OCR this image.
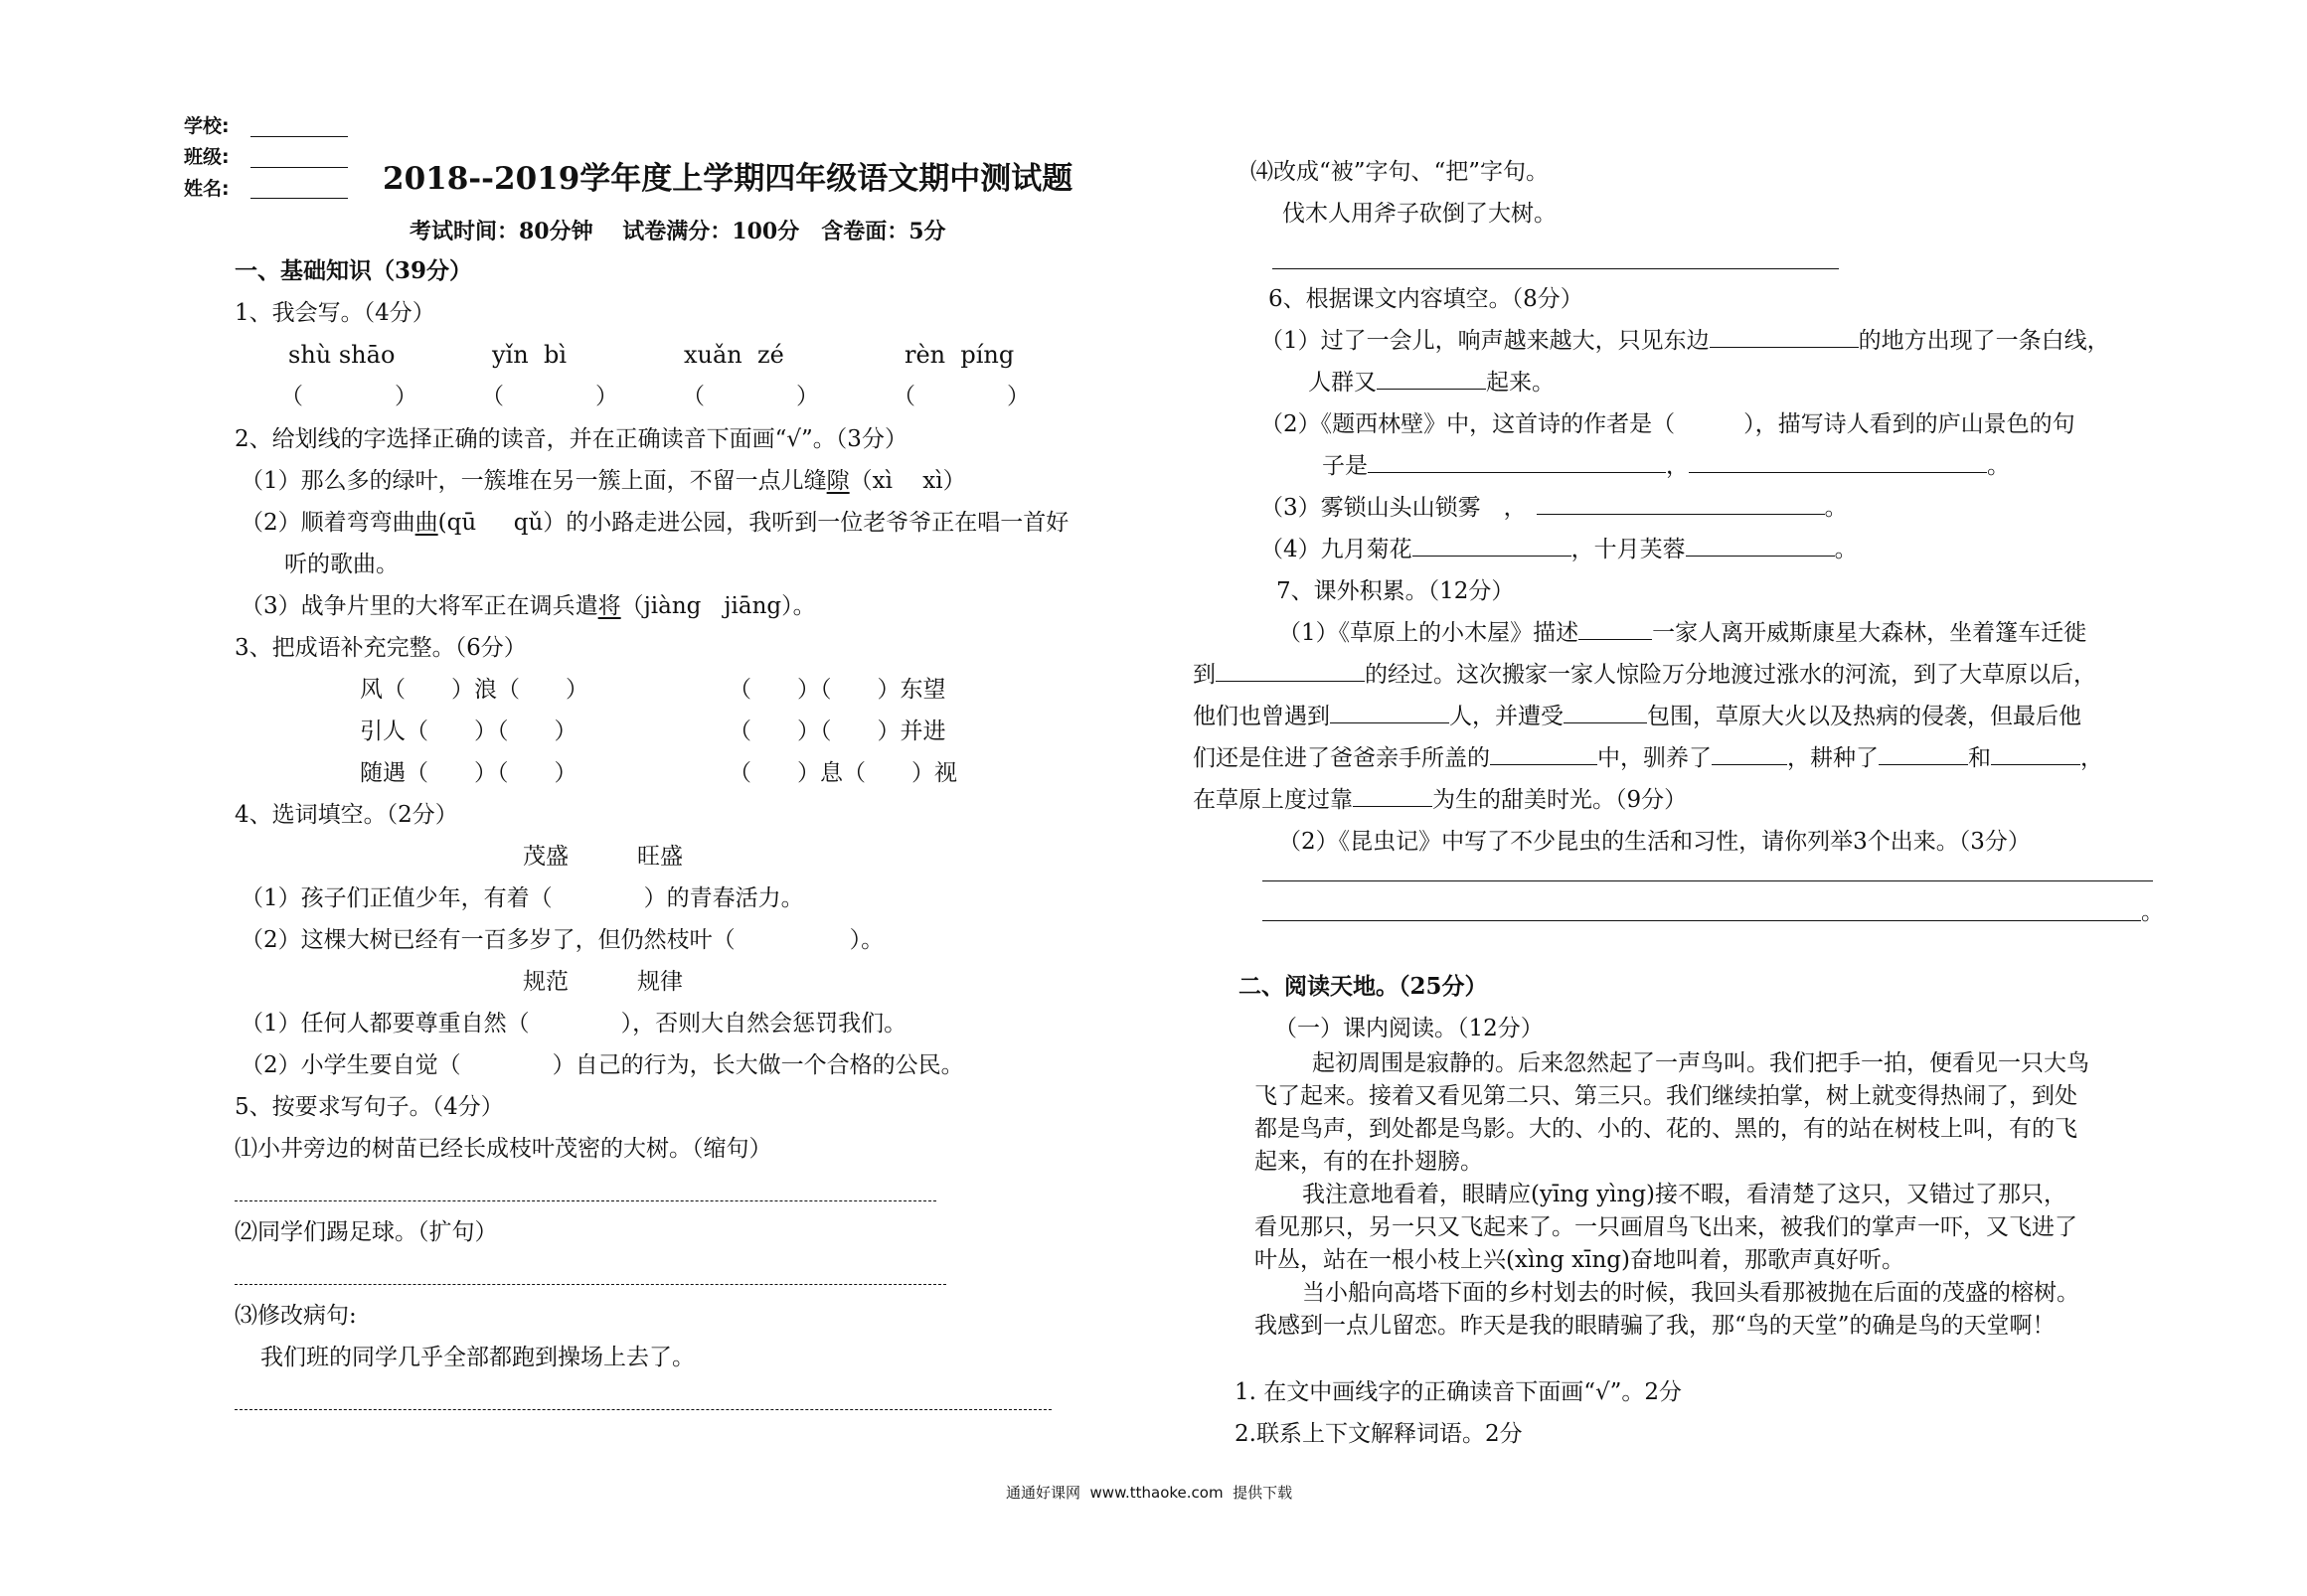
学校:
班级:
姓名:	2018--2019学年度上学期四年级语文期中测试题
考试时间：80分钟　 试卷满分：100分　含卷面：5分
一、基础知识（39分）
1、我会写。（4分）
shù shāo	yǐn  bì	xuǎn  zé	rèn  píng
（　　　　）	（　　　　）	（　　　　）	（　　　　）
2、给划线的字选择正确的读音，并在正确读音下面画“√”。（3分）
（1）那么多的绿叶，一簇堆在另一簇上面，不留一点儿缝隙（xì　 xì）
（2）顺着弯弯曲曲(qū　  qǔ）的小路走进公园，我听到一位老爷爷正在唱一首好
听的歌曲。
（3）战争片里的大将军正在调兵遣将（jiàng　jiāng）。
3、把成语补充完整。（6分）
风（　　）浪（　　）	（　　）（　　）东望
引人（　　）（　　）	（　　）（　　）并进
随遇（　　）（　　）	（　　）息（　　）视
4、选词填空。（2分）
茂盛　　　旺盛
（1）孩子们正值少年，有着（　　　　）的青春活力。
（2）这棵大树已经有一百多岁了，但仍然枝叶（　　　　　）。
规范　　　规律
（1）任何人都要尊重自然（　　　　），否则大自然会惩罚我们。
（2）小学生要自觉（　　　　）自己的行为，长大做一个合格的公民。
5、按要求写句子。（4分）
⑴小井旁边的树苗已经长成枝叶茂密的大树。（缩句）
⑵同学们踢足球。（扩句）
⑶修改病句:
我们班的同学几乎全部都跑到操场上去了。
⑷改成“被”字句、“把”字句。
伐木人用斧子砍倒了大树。
6、根据课文内容填空。（8分）
（1）过了一会儿，响声越来越大，只见东边	的地方出现了一条白线，
人群又	起来。
（2）《题西林壁》中，这首诗的作者是（　　　），描写诗人看到的庐山景色的句
子是	，	。
（3）雾锁山头山锁雾　，	。
（4）九月菊花	，十月芙蓉	。
7、课外积累。（12分）
（1）《草原上的小木屋》描述	一家人离开威斯康星大森林，坐着篷车迁徙
到	的经过。这次搬家一家人惊险万分地渡过涨水的河流，到了大草原以后，
他们也曾遇到	人，并遭受	包围，草原大火以及热病的侵袭，但最后他
们还是住进了爸爸亲手所盖的	中，驯养了	，耕种了	和	，
在草原上度过靠	为生的甜美时光。（9分）
（2）《昆虫记》中写了不少昆虫的生活和习性，请你列举3个出来。（3分）
。
二、阅读天地。（25分）
（一）课内阅读。（12分）
起初周围是寂静的。后来忽然起了一声鸟叫。我们把手一拍，便看见一只大鸟
飞了起来。接着又看见第二只、第三只。我们继续拍掌，树上就变得热闹了，到处
都是鸟声，到处都是鸟影。大的、小的、花的、黑的，有的站在树枝上叫，有的飞
起来，有的在扑翅膀。
我注意地看着，眼睛应(yīng yìng)接不暇，看清楚了这只，又错过了那只，
看见那只，另一只又飞起来了。一只画眉鸟飞出来，被我们的掌声一吓，又飞进了
叶丛，站在一根小枝上兴(xìng xīng)奋地叫着，那歌声真好听。
当小船向高塔下面的乡村划去的时候，我回头看那被抛在后面的茂盛的榕树。
我感到一点儿留恋。昨天是我的眼睛骗了我，那“鸟的天堂”的确是鸟的天堂啊！
1. 在文中画线字的正确读音下面画“√”。2分
2.联系上下文解释词语。2分
通通好课网  www.tthaoke.com  提供下载
